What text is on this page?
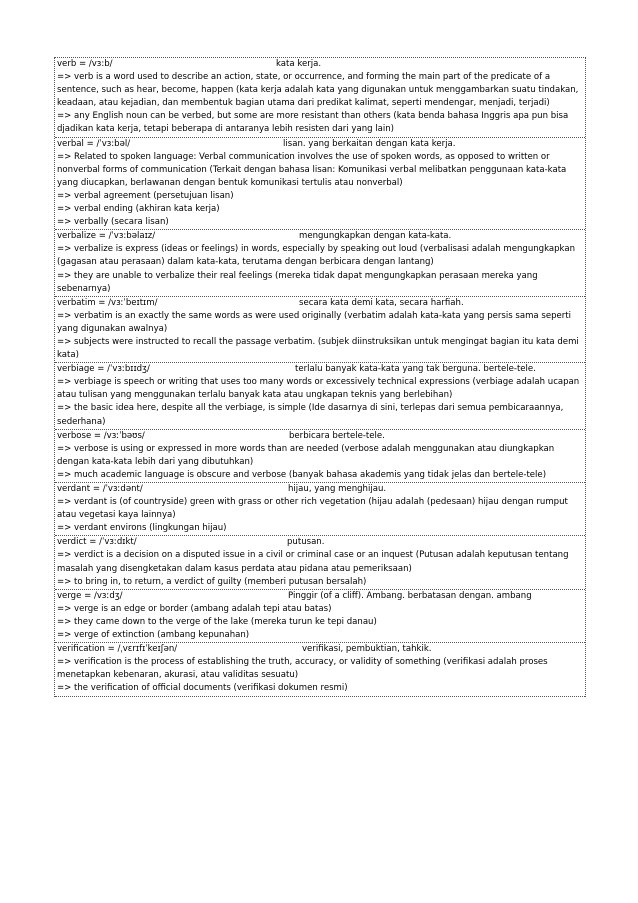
verb = /vɜ:b/	kata kerja.
=> verb is a word used to describe an action, state, or occurrence, and forming the main part of the predicate of a sentence, such as hear, become, happen (kata kerja adalah kata yang digunakan untuk menggambarkan suatu tindakan, keadaan, atau kejadian, dan membentuk bagian utama dari predikat kalimat, seperti mendengar, menjadi, terjadi)
=> any English noun can be verbed, but some are more resistant than others (kata benda bahasa Inggris apa pun bisa djadikan kata kerja, tetapi beberapa di antaranya lebih resisten dari yang lain)
verbal = /ˈvɜ:bəl/	lisan. yang berkaitan dengan kata kerja.
=> Related to spoken language: Verbal communication involves the use of spoken words, as opposed to written or nonverbal forms of communication (Terkait dengan bahasa lisan: Komunikasi verbal melibatkan penggunaan kata-kata yang diucapkan, berlawanan dengan bentuk komunikasi tertulis atau nonverbal)
=> verbal agreement (persetujuan lisan)
=> verbal ending (akhiran kata kerja)
=> verbally (secara lisan)
verbalize = /ˈvɜ:bəlaɪz/	mengungkapkan dengan kata-kata.
=> verbalize is express (ideas or feelings) in words, especially by speaking out loud (verbalisasi adalah mengungkapkan (gagasan atau perasaan) dalam kata-kata, terutama dengan berbicara dengan lantang)
=> they are unable to verbalize their real feelings (mereka tidak dapat mengungkapkan perasaan mereka yang sebenarnya)
verbatim = /vɜːˈbeɪtɪm/	secara kata demi kata, secara harfiah.
=> verbatim is an exactly the same words as were used originally (verbatim adalah kata-kata yang persis sama seperti yang digunakan awalnya)
=> subjects were instructed to recall the passage verbatim. (subjek diinstruksikan untuk mengingat bagian itu kata demi kata)
verbiage = /ˈvɜːbɪɪdʒ/	terlalu banyak kata-kata yang tak berguna. bertele-tele.
=> verbiage is speech or writing that uses too many words or excessively technical expressions (verbiage adalah ucapan atau tulisan yang menggunakan terlalu banyak kata atau ungkapan teknis yang berlebihan)
=> the basic idea here, despite all the verbiage, is simple (Ide dasarnya di sini, terlepas dari semua pembicaraannya, sederhana)
verbose = /vɜːˈbəʊs/	berbicara bertele-tele.
=> verbose is using or expressed in more words than are needed (verbose adalah menggunakan atau diungkapkan dengan kata-kata lebih dari yang dibutuhkan)
=> much academic language is obscure and verbose (banyak bahasa akademis yang tidak jelas dan bertele-tele)
verdant = /ˈvɜːdənt/	hijau, yang menghijau.
=> verdant is (of countryside) green with grass or other rich vegetation (hijau adalah (pedesaan) hijau dengan rumput atau vegetasi kaya lainnya)
=> verdant environs (lingkungan hijau)
verdict = /ˈvɜːdɪkt/	putusan.
=> verdict is a decision on a disputed issue in a civil or criminal case or an inquest (Putusan adalah keputusan tentang masalah yang disengketakan dalam kasus perdata atau pidana atau pemeriksaan)
=> to bring in, to return, a verdict of guilty (memberi putusan bersalah)
verge = /vɜːdʒ/	Pinggir (of a cliff). Ambang. berbatasan dengan. ambang
=> verge is an edge or border (ambang adalah tepi atau batas)
=> they came down to the verge of the lake (mereka turun ke tepi danau)
=> verge of extinction (ambang kepunahan)
verification = /ˌvɛrɪfɪˈkeɪʃən/	verifikasi, pembuktian, tahkik.
=> verification is the process of establishing the truth, accuracy, or validity of something (verifikasi adalah proses menetapkan kebenaran, akurasi, atau validitas sesuatu)
=> the verification of official documents (verifikasi dokumen resmi)
